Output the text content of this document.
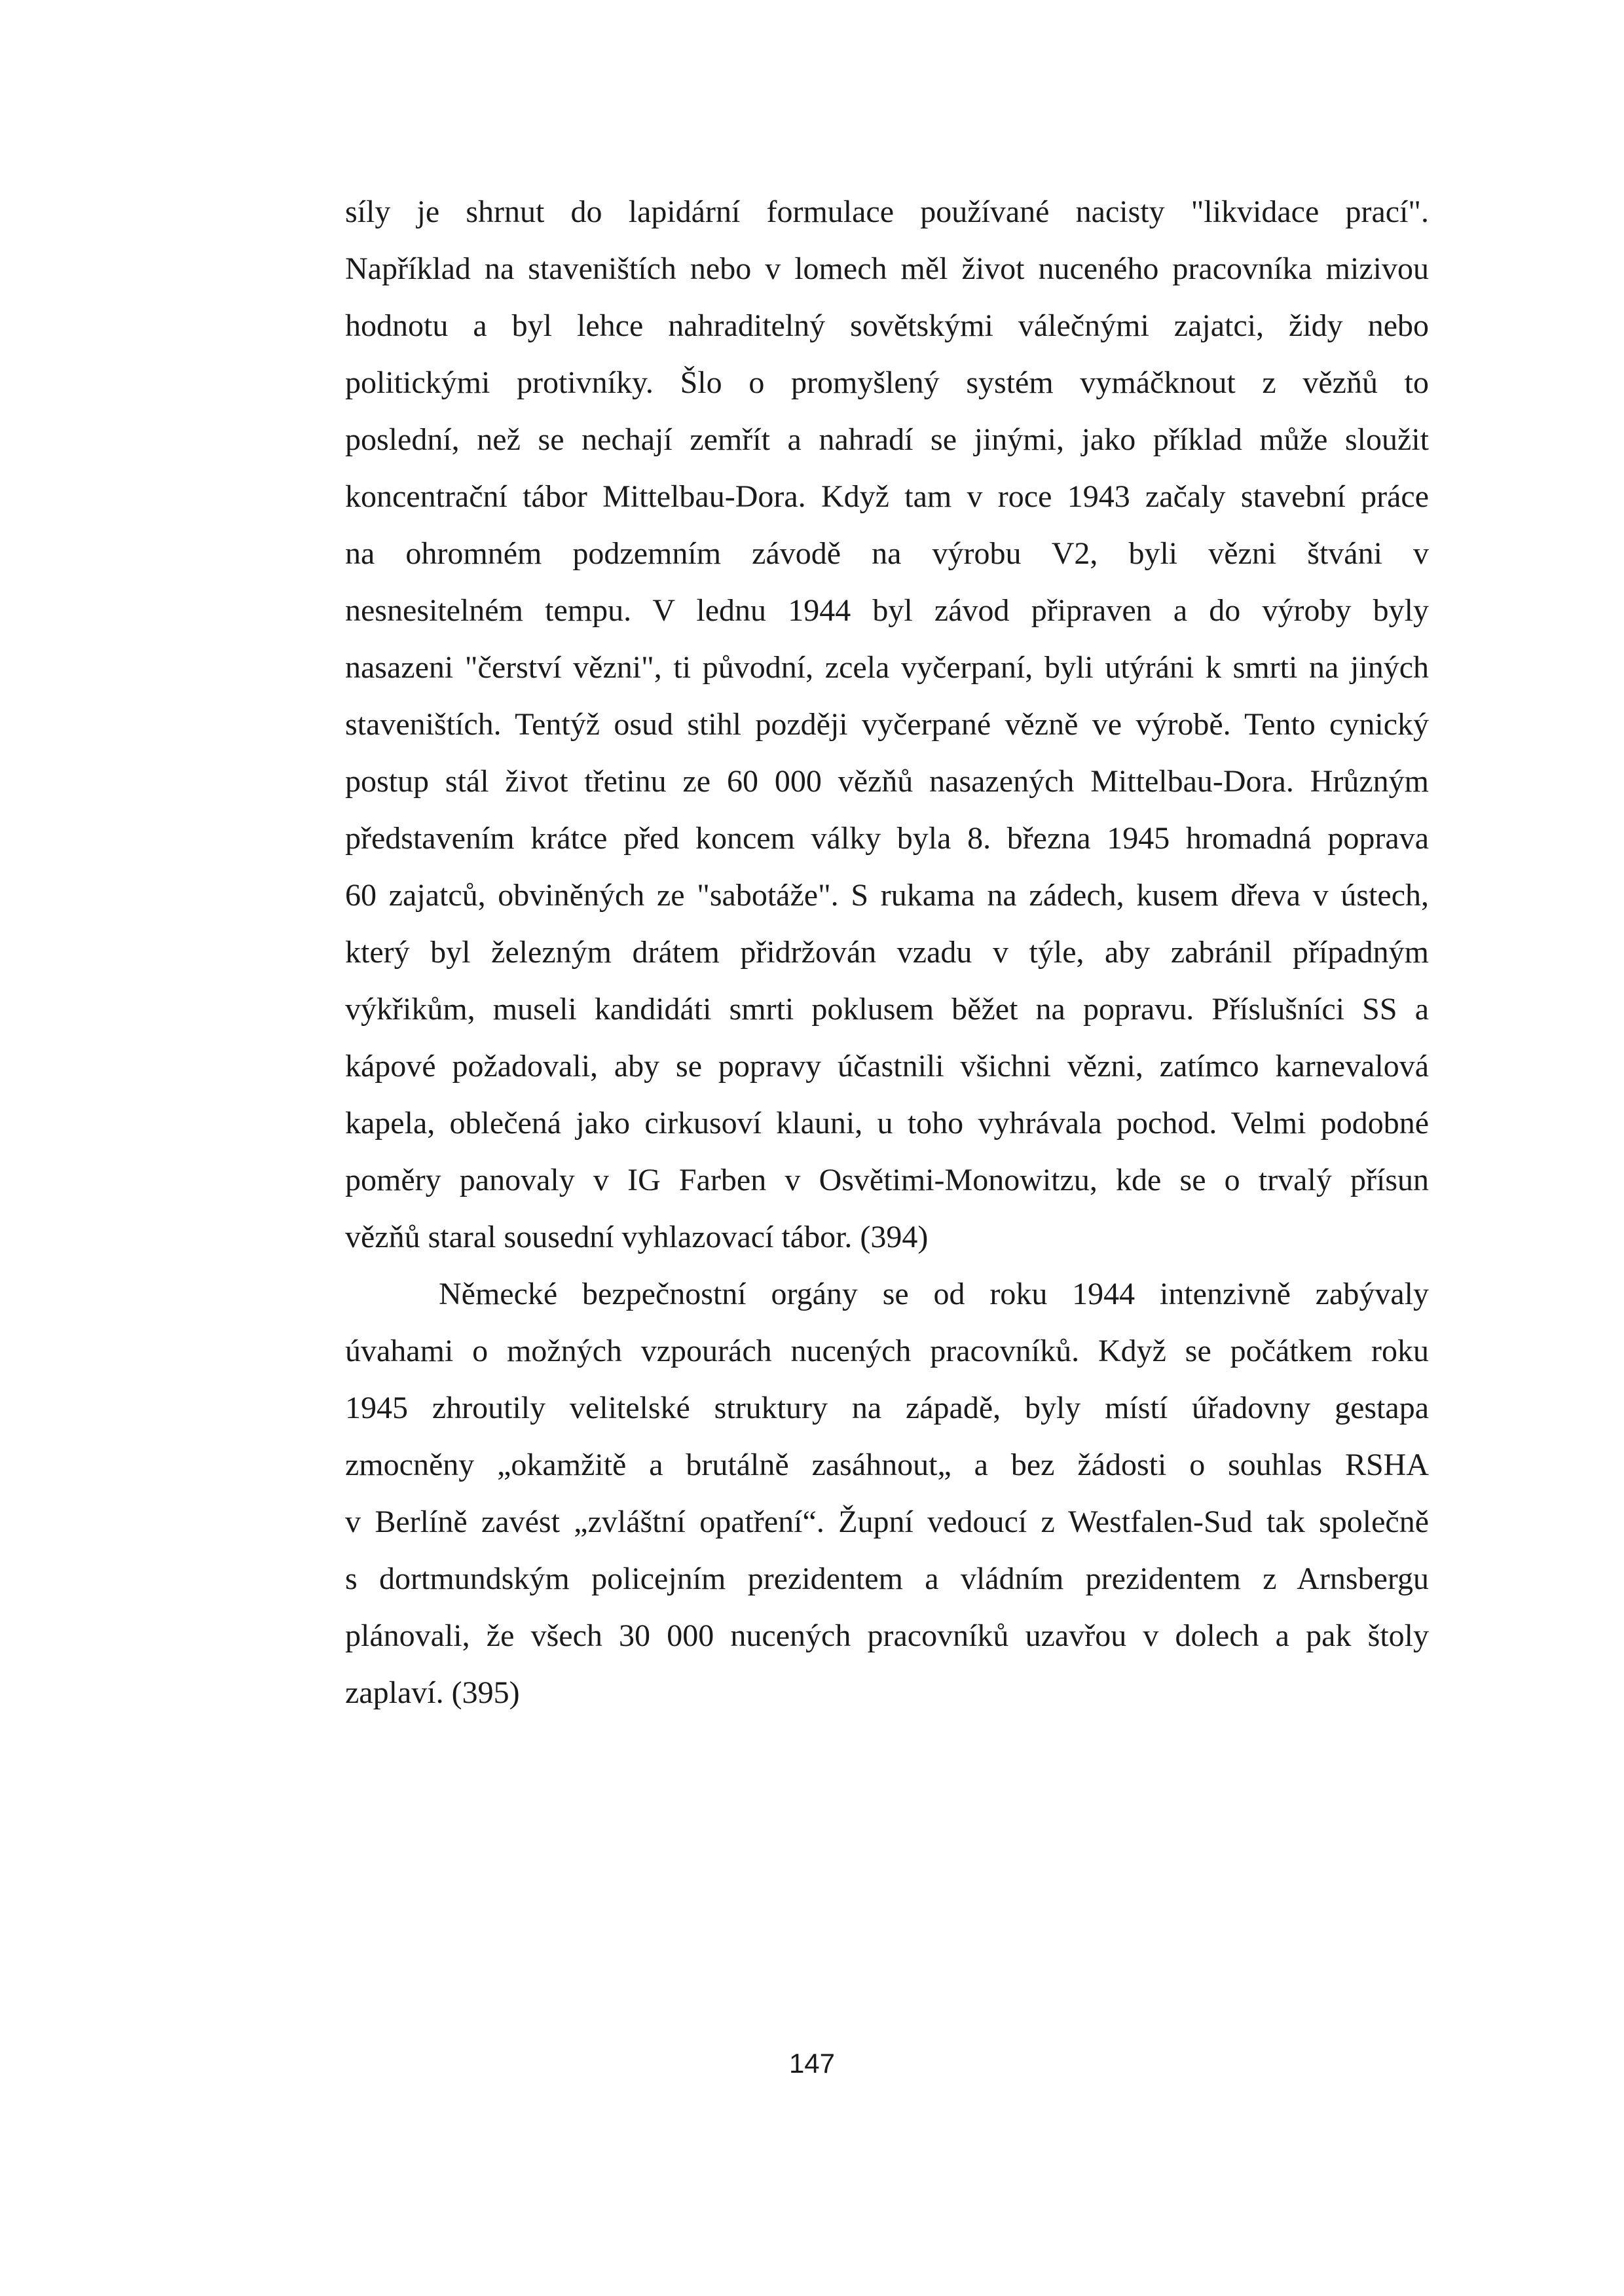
síly je shrnut do lapidární formulace používané nacisty "likvidace prací".
Například na staveništích nebo v lomech měl život nuceného pracovníka mizivou
hodnotu a byl lehce nahraditelný sovětskými válečnými zajatci, židy nebo
politickými protivníky. Šlo o promyšlený systém vymáčknout z vězňů to
poslední, než se nechají zemřít a nahradí se jinými, jako příklad může sloužit
koncentrační tábor Mittelbau-Dora. Když tam v roce 1943 začaly stavební práce
na ohromném podzemním závodě na výrobu V2, byli vězni štváni v
nesnesitelném tempu. V lednu 1944 byl závod připraven a do výroby byly
nasazeni "čerství vězni", ti původní, zcela vyčerpaní, byli utýráni k smrti na jiných
staveništích. Tentýž osud stihl později vyčerpané vězně ve výrobě. Tento cynický
postup stál život třetinu ze 60 000 vězňů nasazených Mittelbau-Dora. Hrůzným
představením krátce před koncem války byla 8. března 1945 hromadná poprava
60 zajatců, obviněných ze "sabotáže". S rukama na zádech, kusem dřeva v ústech,
který byl železným drátem přidržován vzadu v týle, aby zabránil případným
výkřikům, museli kandidáti smrti poklusem běžet na popravu. Příslušníci SS a
kápové požadovali, aby se popravy účastnili všichni vězni, zatímco karnevalová
kapela, oblečená jako cirkusoví klauni, u toho vyhrávala pochod. Velmi podobné
poměry panovaly v IG Farben v Osvětimi-Monowitzu, kde se o trvalý přísun
vězňů staral sousední vyhlazovací tábor. (394)
Německé bezpečnostní orgány se od roku 1944 intenzivně zabývaly
úvahami o možných vzpourách nucených pracovníků. Když se počátkem roku
1945 zhroutily velitelské struktury na západě, byly místí úřadovny gestapa
zmocněny „okamžitě a brutálně zasáhnout„ a bez žádosti o souhlas RSHA
v Berlíně zavést „zvláštní opatření“. Župní vedoucí z Westfalen-Sud tak společně
s dortmundským policejním prezidentem a vládním prezidentem z Arnsbergu
plánovali, že všech 30 000 nucených pracovníků uzavřou v dolech a pak štoly
zaplaví. (395)
147
